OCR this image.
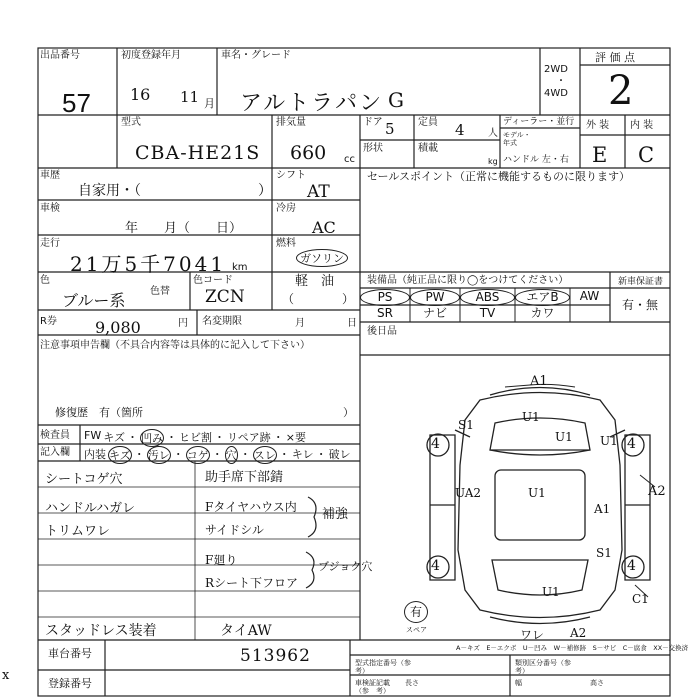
出品番号
57
初度登録年月
16 11 月
車名・グレード
アルトラパン G
2WD
・
4WD
評 価 点
2
型式
CBA-HE21S
排気量
660 cc
ドア 5 定員 4 人
形状	積載
kg
ディーラー・並行
モデル・年式
ハンドル 左・右
外 装 内 装
E C
車歴
自家用・（	）
シフト
AT
車検
年　　月（　　日）
冷房
AC
走行
21万5千7041 km
燃料
ガソリン
軽　油
（　　　　）
色
ブルー系 色替
色コード
ZCN
R券 9,080	円 名変期限	月	日
注意事項申告欄（不具合内容等は具体的に記入して下さい）
修復歴　有（箇所	）
検査員
記入欄
FW キズ ・ 凹み ・ ヒビ割 ・ リペア跡 ・ ×要
内装 キズ ・ 汚レ ・ コゲ ・ 穴 ・ スレ ・ キレ ・ 破レ
シートコゲ穴
ハンドルハガレ
トリムワレ
助手席下部錆
Fタイヤハウス内
サイドシル
補強
F廻り
Rシート下フロア
ブジョク穴
スタッドレス装着	タイAW
車台番号	513962
登録番号
x
型式指定番号（参　考）
類別区分番号（参　考）
車検証記載（参　考）
長さ	幅	高さ
セールスポイント（正常に機能するものに限ります）
装備品（純正品に限り◯をつけてください）	新車保証書
有・無
PS	PW	ABS	エアB	AW
SR	ナビ	TV	カワ
後日品
A1
A2
S1
U1
U1
4	4
U1
UA2	U1
A1
4	4
S1
U1	C1
A2
ワレ
有
スペア
A－キズ　E－エクボ　U－凹み　W－補修跡　S－サビ　C－腐食　XX－交換済
